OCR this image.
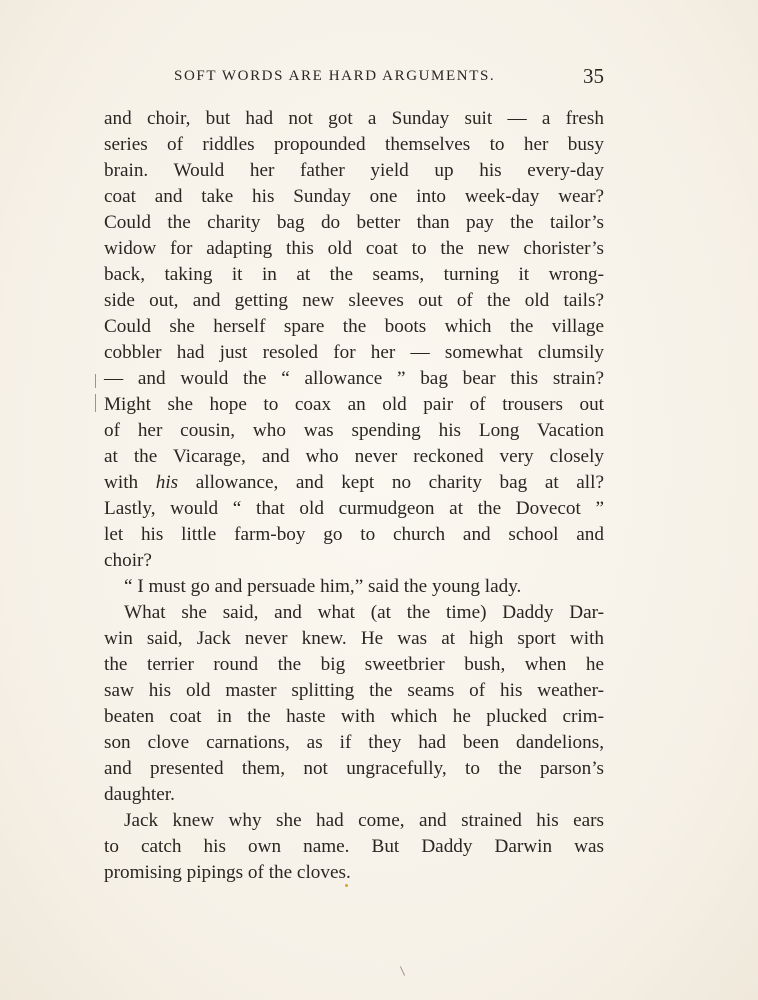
SOFT WORDS ARE HARD ARGUMENTS.	35
and choir, but had not got a Sunday suit — a fresh
series of riddles propounded themselves to her busy
brain. Would her father yield up his every-day
coat and take his Sunday one into week-day wear?
Could the charity bag do better than pay the tailor’s
widow for adapting this old coat to the new chorister’s
back, taking it in at the seams, turning it wrong-
side out, and getting new sleeves out of the old tails?
Could she herself spare the boots which the village
cobbler had just resoled for her — somewhat clumsily
— and would the “ allowance ” bag bear this strain?
Might she hope to coax an old pair of trousers out
of her cousin, who was spending his Long Vacation
at the Vicarage, and who never reckoned very closely
with his allowance, and kept no charity bag at all?
Lastly, would “ that old curmudgeon at the Dovecot ”
let his little farm-boy go to church and school and
choir?
“ I must go and persuade him,” said the young lady.
What she said, and what (at the time) Daddy Dar-
win said, Jack never knew. He was at high sport with
the terrier round the big sweetbrier bush, when he
saw his old master splitting the seams of his weather-
beaten coat in the haste with which he plucked crim-
son clove carnations, as if they had been dandelions,
and presented them, not ungracefully, to the parson’s
daughter.
Jack knew why she had come, and strained his ears
to catch his own name. But Daddy Darwin was
promising pipings of the cloves.
